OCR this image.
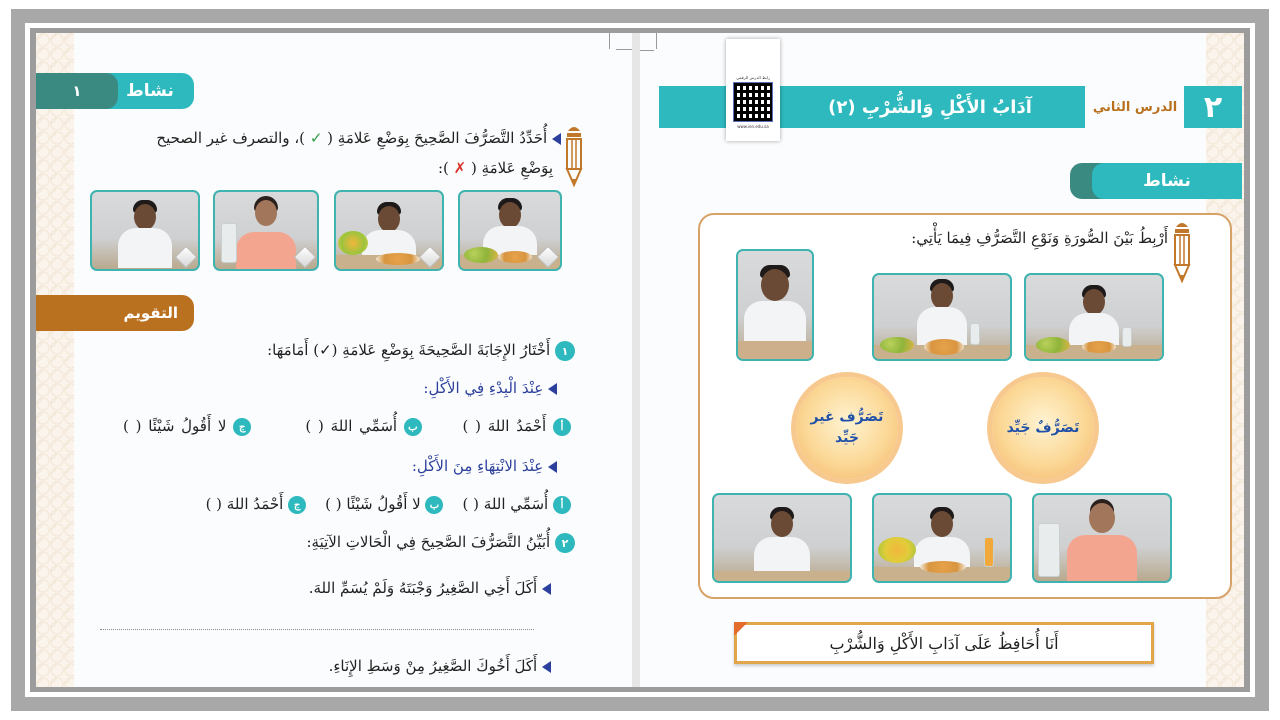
نشاط
١
أُحَدِّدُ التَّصَرُّفَ الصَّحِيحَ بِوَضْعِ عَلامَةِ ( ✓ )، والتصرف غير الصحيح
بِوَضْعِ عَلامَةِ ( ✗ ):
التقويم
١ أَخْتَارُ الإِجَابَةَ الصَّحِيحَةَ بِوَضْعِ عَلامَةِ (✓) أَمَامَهَا:
عِنْدَ الْبِدْءِ فِي الأَكْلِ:
أ أَحْمَدُ اللهَ ( )      ب أُسَمِّي اللهَ ( )        ج لا أَقُولُ شَيْئًا ( )
عِنْدَ الانْتِهَاءِ مِنَ الأَكْلِ:
أ أُسَمِّي اللهَ ( )    ب لا أَقُولُ شَيْئًا ( )    ج أَحْمَدُ اللهَ ( )
٢ أُبَيِّنُ التَّصَرُّفَ الصَّحِيحَ فِي الْحَالاتِ الآتِيَةِ:
أَكَلَ أَخِي الصَّغِيرُ وَجْبَتَهُ وَلَمْ يُسَمِّ اللهَ.
أَكَلَ أَخُوكَ الصَّغِيرُ مِنْ وَسَطِ الإِنَاءِ.
آدَابُ الأَكْلِ وَالشُّرْبِ (٢)	الدرس الثاني ٢
رابط الدرس الرقمي
www.ien.edu.sa
نشاط
أَرْبِطُ بَيْنَ الصُّورَةِ وَنَوْعِ التَّصَرُّفِ فِيمَا يَأْتِي:
تَصَرُّفٌ جَيِّد
تَصَرُّف غير
جَيِّد
أَنَا أُحَافِظُ عَلَى آدَابِ الأَكْلِ وَالشُّرْبِ
